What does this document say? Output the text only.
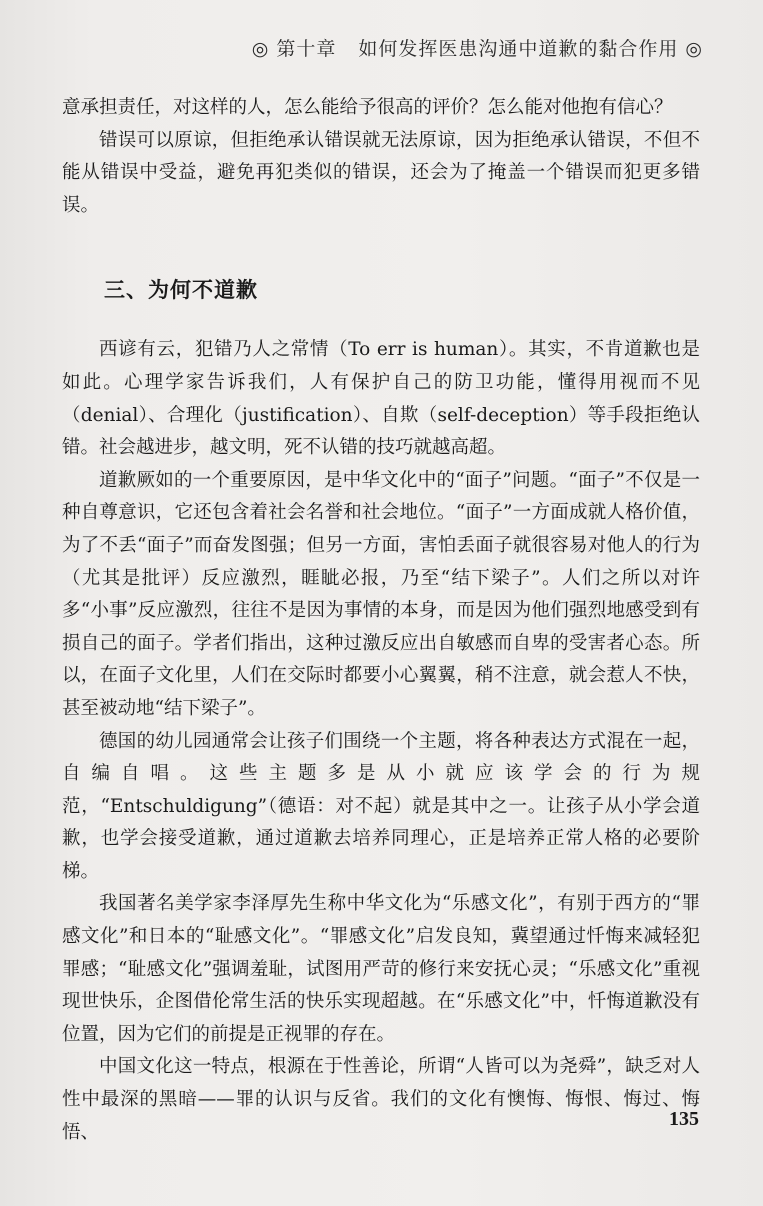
◎ 第十章 如何发挥医患沟通中道歉的黏合作用 ◎

意承担责任，对这样的人，怎么能给予很高的评价？怎么能对他抱有信心？

错误可以原谅，但拒绝承认错误就无法原谅，因为拒绝承认错误，不但不能从错误中受益，避免再犯类似的错误，还会为了掩盖一个错误而犯更多错误。

三、为何不道歉

西谚有云，犯错乃人之常情（To err is human）。其实，不肯道歉也是如此。心理学家告诉我们，人有保护自己的防卫功能，懂得用视而不见（denial）、合理化（justification）、自欺（self-deception）等手段拒绝认错。社会越进步，越文明，死不认错的技巧就越高超。

道歉厥如的一个重要原因，是中华文化中的“面子”问题。“面子”不仅是一种自尊意识，它还包含着社会名誉和社会地位。“面子”一方面成就人格价值，为了不丢“面子”而奋发图强；但另一方面，害怕丢面子就很容易对他人的行为（尤其是批评）反应激烈，睚眦必报，乃至“结下梁子”。人们之所以对许多“小事”反应激烈，往往不是因为事情的本身，而是因为他们强烈地感受到有损自己的面子。学者们指出，这种过激反应出自敏感而自卑的受害者心态。所以，在面子文化里，人们在交际时都要小心翼翼，稍不注意，就会惹人不快，甚至被动地“结下梁子”。

德国的幼儿园通常会让孩子们围绕一个主题，将各种表达方式混在一起，自编自唱。这些主题多是从小就应该学会的行为规范，“Entschuldigung”（德语：对不起）就是其中之一。让孩子从小学会道歉，也学会接受道歉，通过道歉去培养同理心，正是培养正常人格的必要阶梯。

我国著名美学家李泽厚先生称中华文化为“乐感文化”，有别于西方的“罪感文化”和日本的“耻感文化”。“罪感文化”启发良知，冀望通过忏悔来减轻犯罪感；“耻感文化”强调羞耻，试图用严苛的修行来安抚心灵；“乐感文化”重视现世快乐，企图借伦常生活的快乐实现超越。在“乐感文化”中，忏悔道歉没有位置，因为它们的前提是正视罪的存在。

中国文化这一特点，根源在于性善论，所谓“人皆可以为尧舜”，缺乏对人性中最深的黑暗——罪的认识与反省。我们的文化有懊悔、悔恨、悔过、悔悟、

135
